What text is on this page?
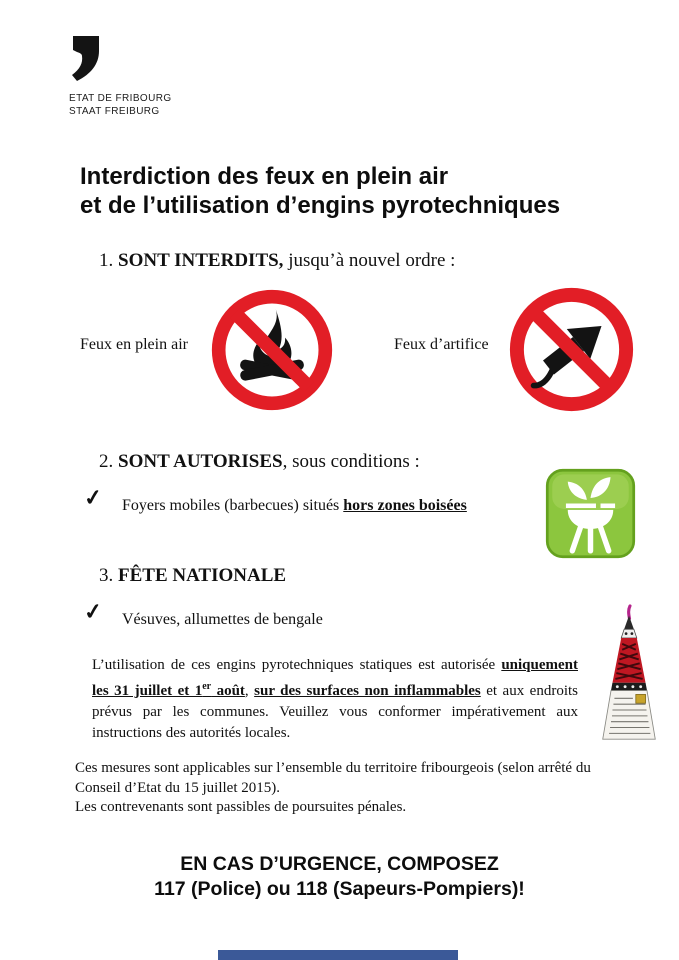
ETAT DE FRIBOURG
STAAT FREIBURG
Interdiction des feux en plein air
et de l’utilisation d’engins pyrotechniques
1. SONT INTERDITS, jusqu’à nouvel ordre :
Feux en plein air	Feux d’artifice
2. SONT AUTORISES, sous conditions :
✓ Foyers mobiles (barbecues) situés hors zones boisées
3. FÊTE NATIONALE
✓ Vésuves, allumettes de bengale
L’utilisation de ces engins pyrotechniques statiques est autorisée uniquement les 31 juillet et 1er août, sur des surfaces non inflammables et aux endroits prévus par les communes. Veuillez vous conformer impérativement aux instructions des autorités locales.

Ces mesures sont applicables sur l’ensemble du territoire fribourgeois (selon arrêté du Conseil d’Etat du 15 juillet 2015).

Les contrevenants sont passibles de poursuites pénales.

EN CAS D’URGENCE, COMPOSEZ
117 (Police) ou 118 (Sapeurs-Pompiers)!
